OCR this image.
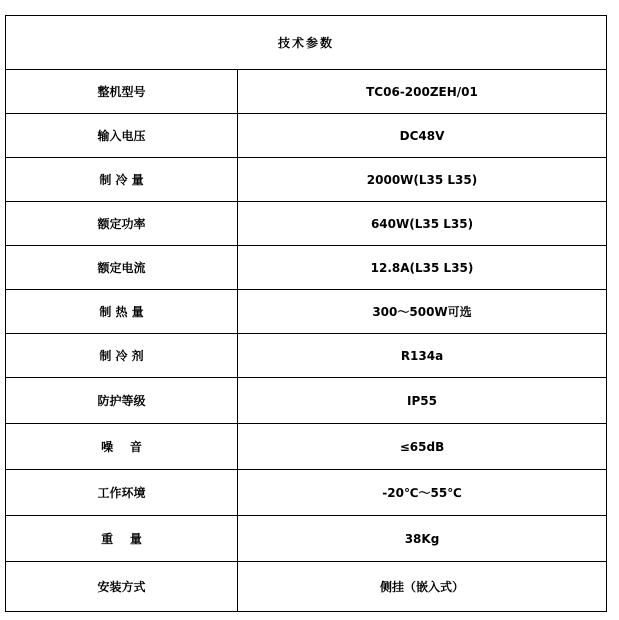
技术参数	
整机型号	TC06-200ZEH/01
输入电压	DC48V
制 冷 量	2000W(L35 L35)
额定功率	640W(L35 L35)
额定电流	12.8A(L35 L35)
制 热 量	300～500W可选
制 冷 剂	R134a
防护等级	IP55
噪    音	≤65dB
工作环境	-20℃～55℃
重    量	38Kg
安装方式	侧挂（嵌入式）
